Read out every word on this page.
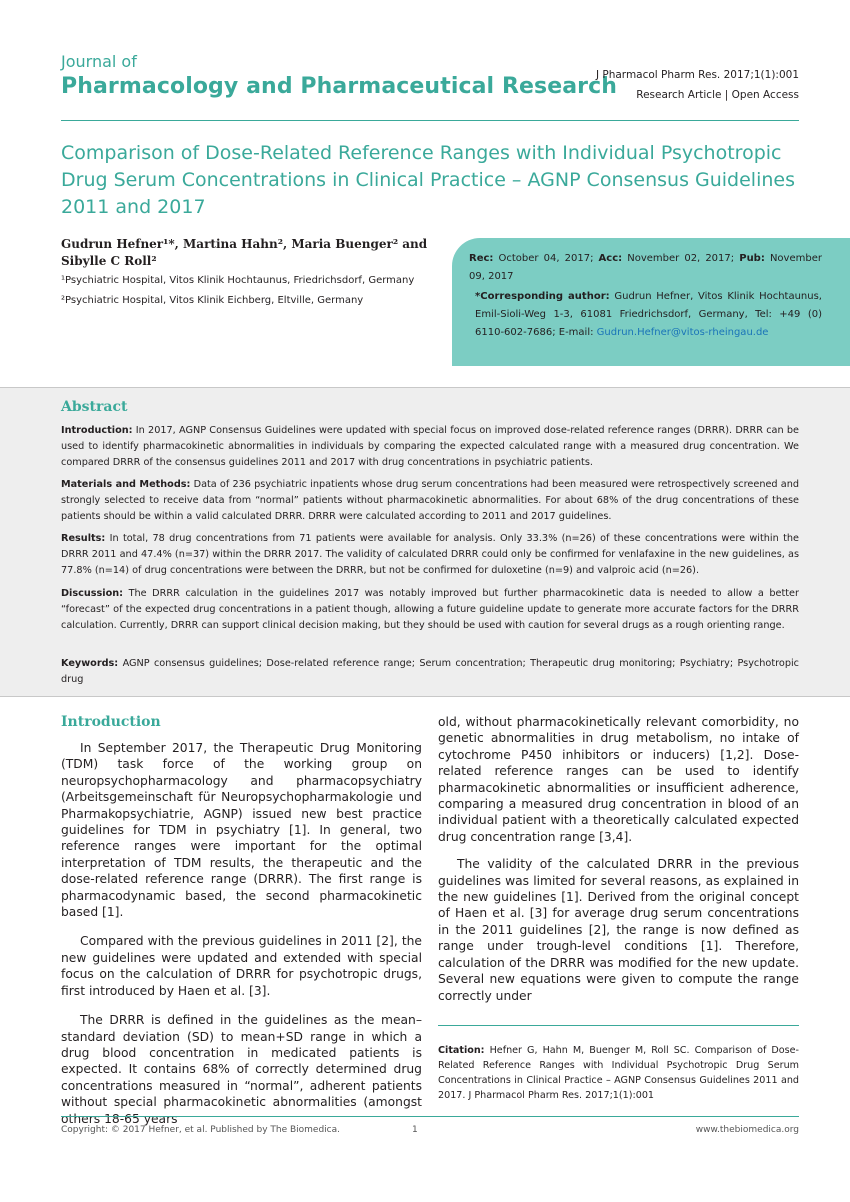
Journal of
Pharmacology and Pharmaceutical Research
J Pharmacol Pharm Res. 2017;1(1):001
Research Article | Open Access
Comparison of Dose-Related Reference Ranges with Individual Psychotropic Drug Serum Concentrations in Clinical Practice – AGNP Consensus Guidelines 2011 and 2017
Gudrun Hefner¹*, Martina Hahn², Maria Buenger² and Sibylle C Roll²
¹Psychiatric Hospital, Vitos Klinik Hochtaunus, Friedrichsdorf, Germany
²Psychiatric Hospital, Vitos Klinik Eichberg, Eltville, Germany
Rec: October 04, 2017; Acc: November 02, 2017; Pub: November 09, 2017
*Corresponding author: Gudrun Hefner, Vitos Klinik Hochtaunus, Emil-Sioli-Weg 1-3, 61081 Friedrichsdorf, Germany, Tel: +49 (0) 6110-602-7686; E-mail: Gudrun.Hefner@vitos-rheingau.de
Abstract
Introduction: In 2017, AGNP Consensus Guidelines were updated with special focus on improved dose-related reference ranges (DRRR). DRRR can be used to identify pharmacokinetic abnormalities in individuals by comparing the expected calculated range with a measured drug concentration. We compared DRRR of the consensus guidelines 2011 and 2017 with drug concentrations in psychiatric patients.
Materials and Methods: Data of 236 psychiatric inpatients whose drug serum concentrations had been measured were retrospectively screened and strongly selected to receive data from “normal” patients without pharmacokinetic abnormalities. For about 68% of the drug concentrations of these patients should be within a valid calculated DRRR. DRRR were calculated according to 2011 and 2017 guidelines.
Results: In total, 78 drug concentrations from 71 patients were available for analysis. Only 33.3% (n=26) of these concentrations were within the DRRR 2011 and 47.4% (n=37) within the DRRR 2017. The validity of calculated DRRR could only be confirmed for venlafaxine in the new guidelines, as 77.8% (n=14) of drug concentrations were between the DRRR, but not be confirmed for duloxetine (n=9) and valproic acid (n=26).
Discussion: The DRRR calculation in the guidelines 2017 was notably improved but further pharmacokinetic data is needed to allow a better “forecast” of the expected drug concentrations in a patient though, allowing a future guideline update to generate more accurate factors for the DRRR calculation. Currently, DRRR can support clinical decision making, but they should be used with caution for several drugs as a rough orienting range.
Keywords: AGNP consensus guidelines; Dose-related reference range; Serum concentration; Therapeutic drug monitoring; Psychiatry; Psychotropic drug
Introduction

In September 2017, the Therapeutic Drug Monitoring (TDM) task force of the working group on neuropsychopharmacology and pharmacopsychiatry (Arbeitsgemeinschaft für Neuropsychopharmakologie und Pharmakopsychiatrie, AGNP) issued new best practice guidelines for TDM in psychiatry [1]. In general, two reference ranges were important for the optimal interpretation of TDM results, the therapeutic and the dose-related reference range (DRRR). The first range is pharmacodynamic based, the second pharmacokinetic based [1].

Compared with the previous guidelines in 2011 [2], the new guidelines were updated and extended with special focus on the calculation of DRRR for psychotropic drugs, first introduced by Haen et al. [3].

The DRRR is defined in the guidelines as the mean–standard deviation (SD) to mean+SD range in which a drug blood concentration in medicated patients is expected. It contains 68% of correctly determined drug concentrations measured in “normal”, adherent patients without special pharmacokinetic abnormalities (amongst others 18-65 years

old, without pharmacokinetically relevant comorbidity, no genetic abnormalities in drug metabolism, no intake of cytochrome P450 inhibitors or inducers) [1,2]. Dose-related reference ranges can be used to identify pharmacokinetic abnormalities or insufficient adherence, comparing a measured drug concentration in blood of an individual patient with a theoretically calculated expected drug concentration range [3,4].

The validity of the calculated DRRR in the previous guidelines was limited for several reasons, as explained in the new guidelines [1]. Derived from the original concept of Haen et al. [3] for average drug serum concentrations in the 2011 guidelines [2], the range is now defined as range under trough-level conditions [1]. Therefore, calculation of the DRRR was modified for the new update. Several new equations were given to compute the range correctly under

Citation: Hefner G, Hahn M, Buenger M, Roll SC. Comparison of Dose-Related Reference Ranges with Individual Psychotropic Drug Serum Concentrations in Clinical Practice – AGNP Consensus Guidelines 2011 and 2017. J Pharmacol Pharm Res. 2017;1(1):001
Copyright: © 2017 Hefner, et al. Published by The Biomedica.	1	www.thebiomedica.org
